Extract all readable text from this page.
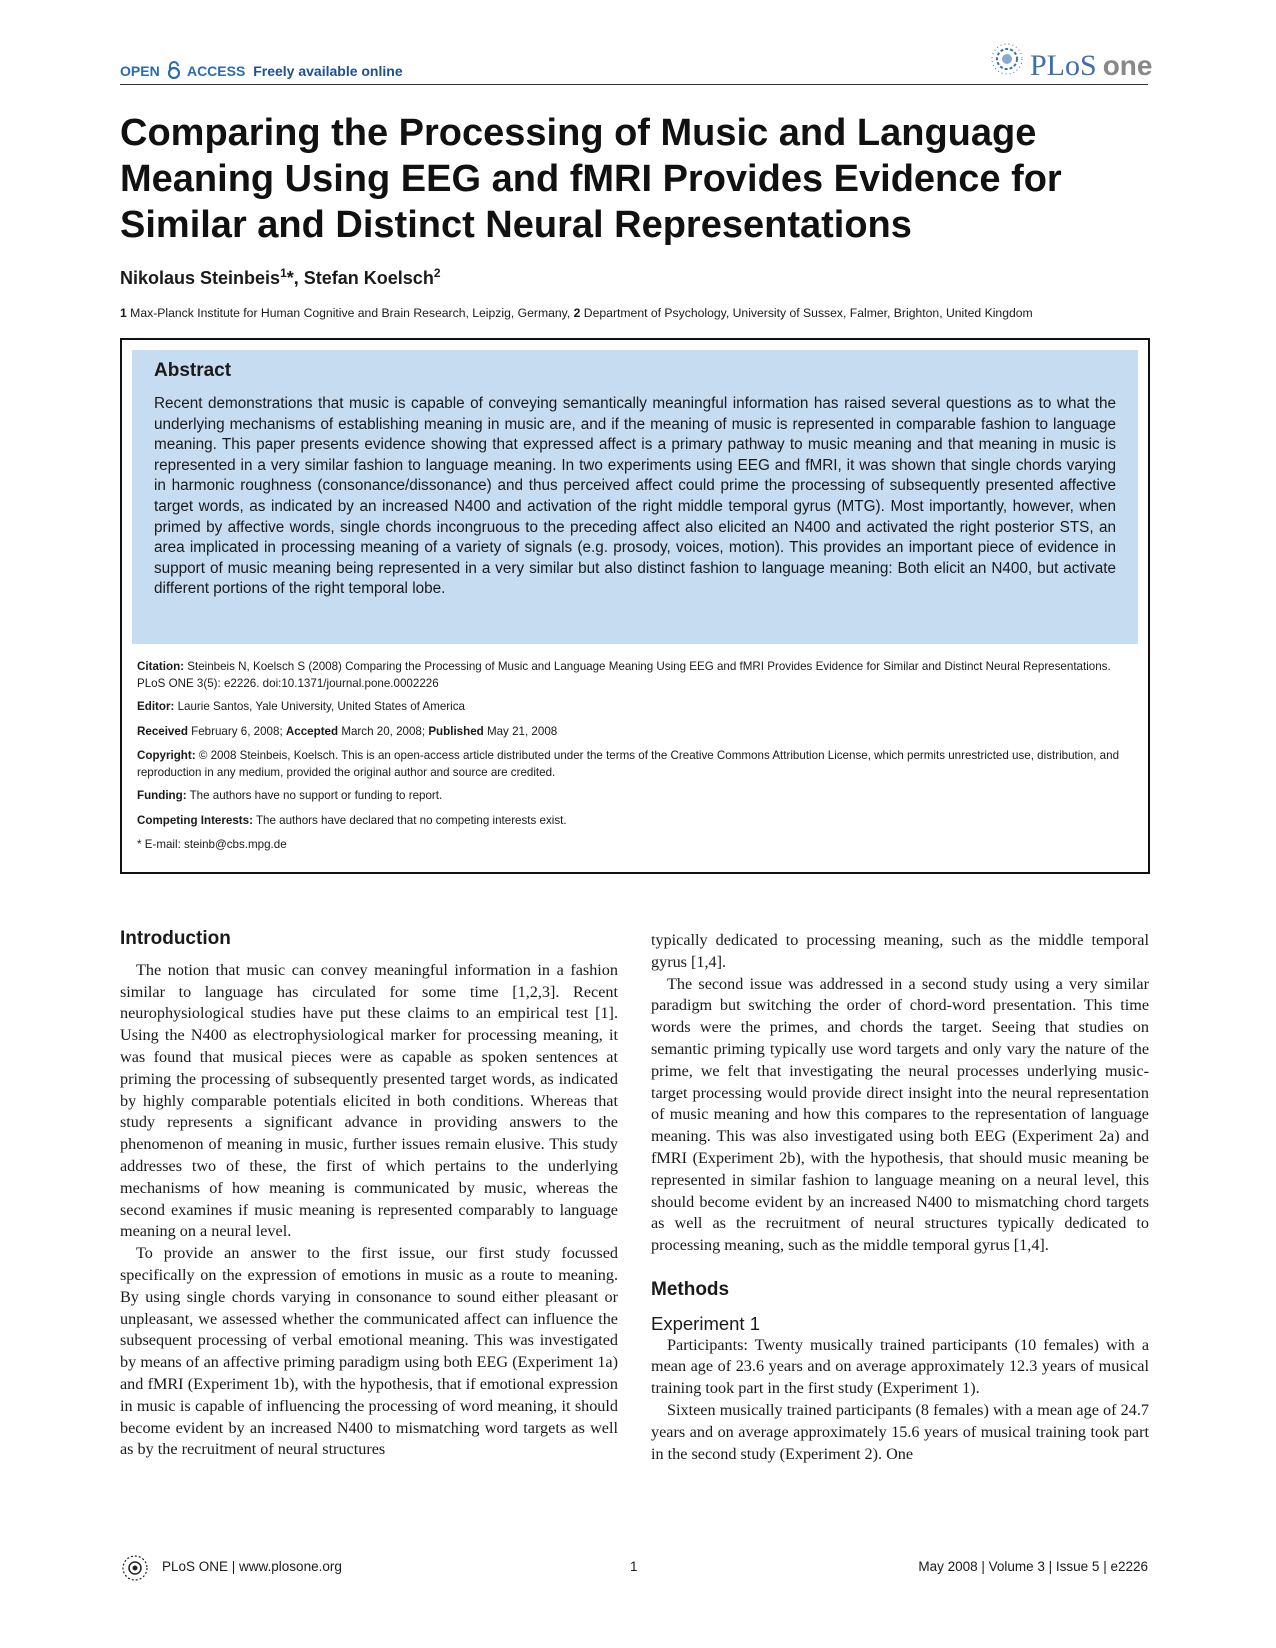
OPEN ACCESS Freely available online	PLoS one
Comparing the Processing of Music and Language Meaning Using EEG and fMRI Provides Evidence for Similar and Distinct Neural Representations

Nikolaus Steinbeis$^1$*, Stefan Koelsch$^2$

1 Max-Planck Institute for Human Cognitive and Brain Research, Leipzig, Germany, 2 Department of Psychology, University of Sussex, Falmer, Brighton, United Kingdom

Abstract

Recent demonstrations that music is capable of conveying semantically meaningful information has raised several questions as to what the underlying mechanisms of establishing meaning in music are, and if the meaning of music is represented in comparable fashion to language meaning. This paper presents evidence showing that expressed affect is a primary pathway to music meaning and that meaning in music is represented in a very similar fashion to language meaning. In two experiments using EEG and fMRI, it was shown that single chords varying in harmonic roughness (consonance/dissonance) and thus perceived affect could prime the processing of subsequently presented affective target words, as indicated by an increased N400 and activation of the right middle temporal gyrus (MTG). Most importantly, however, when primed by affective words, single chords incongruous to the preceding affect also elicited an N400 and activated the right posterior STS, an area implicated in processing meaning of a variety of signals (e.g. prosody, voices, motion). This provides an important piece of evidence in support of music meaning being represented in a very similar but also distinct fashion to language meaning: Both elicit an N400, but activate different portions of the right temporal lobe.

Citation: Steinbeis N, Koelsch S (2008) Comparing the Processing of Music and Language Meaning Using EEG and fMRI Provides Evidence for Similar and Distinct Neural Representations. PLoS ONE 3(5): e2226. doi:10.1371/journal.pone.0002226

Editor: Laurie Santos, Yale University, United States of America

Received February 6, 2008; Accepted March 20, 2008; Published May 21, 2008

Copyright: © 2008 Steinbeis, Koelsch. This is an open-access article distributed under the terms of the Creative Commons Attribution License, which permits unrestricted use, distribution, and reproduction in any medium, provided the original author and source are credited.

Funding: The authors have no support or funding to report.

Competing Interests: The authors have declared that no competing interests exist.

* E-mail: steinb@cbs.mpg.de

Introduction

The notion that music can convey meaningful information in a fashion similar to language has circulated for some time [1,2,3]. Recent neurophysiological studies have put these claims to an empirical test [1]. Using the N400 as electrophysiological marker for processing meaning, it was found that musical pieces were as capable as spoken sentences at priming the processing of subsequently presented target words, as indicated by highly comparable potentials elicited in both conditions. Whereas that study represents a significant advance in providing answers to the phenomenon of meaning in music, further issues remain elusive. This study addresses two of these, the first of which pertains to the underlying mechanisms of how meaning is communicated by music, whereas the second examines if music meaning is represented comparably to language meaning on a neural level.

To provide an answer to the first issue, our first study focussed specifically on the expression of emotions in music as a route to meaning. By using single chords varying in consonance to sound either pleasant or unpleasant, we assessed whether the communicated affect can influence the subsequent processing of verbal emotional meaning. This was investigated by means of an affective priming paradigm using both EEG (Experiment 1a) and fMRI (Experiment 1b), with the hypothesis, that if emotional expression in music is capable of influencing the processing of word meaning, it should become evident by an increased N400 to mismatching word targets as well as by the recruitment of neural structures

typically dedicated to processing meaning, such as the middle temporal gyrus [1,4].

The second issue was addressed in a second study using a very similar paradigm but switching the order of chord-word presentation. This time words were the primes, and chords the target. Seeing that studies on semantic priming typically use word targets and only vary the nature of the prime, we felt that investigating the neural processes underlying music-target processing would provide direct insight into the neural representation of music meaning and how this compares to the representation of language meaning. This was also investigated using both EEG (Experiment 2a) and fMRI (Experiment 2b), with the hypothesis, that should music meaning be represented in similar fashion to language meaning on a neural level, this should become evident by an increased N400 to mismatching chord targets as well as the recruitment of neural structures typically dedicated to processing meaning, such as the middle temporal gyrus [1,4].

Methods
Experiment 1

Participants: Twenty musically trained participants (10 females) with a mean age of 23.6 years and on average approximately 12.3 years of musical training took part in the first study (Experiment 1).

Sixteen musically trained participants (8 females) with a mean age of 24.7 years and on average approximately 15.6 years of musical training took part in the second study (Experiment 2). One

PLoS ONE | www.plosone.org	1	May 2008 | Volume 3 | Issue 5 | e2226
